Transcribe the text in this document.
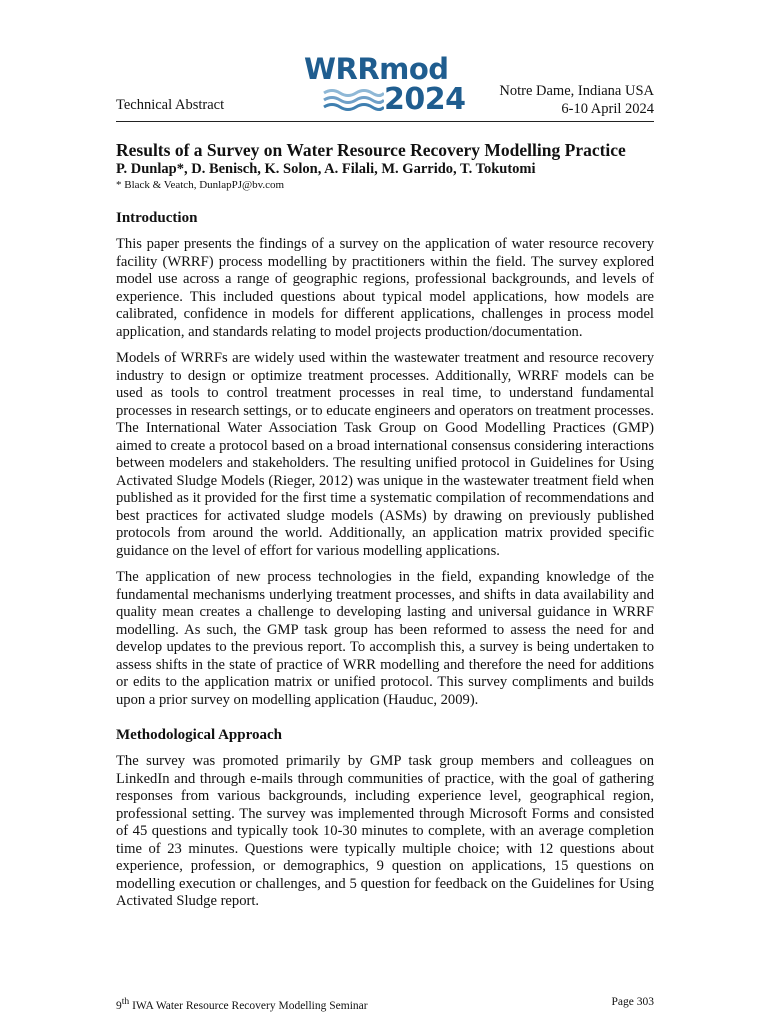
Technical Abstract
WRRmod
2024 Notre Dame, Indiana USA
6-10 April 2024
Results of a Survey on Water Resource Recovery Modelling Practice
P. Dunlap*, D. Benisch, K. Solon, A. Filali, M. Garrido, T. Tokutomi
* Black & Veatch, DunlapPJ@bv.com
Introduction

This paper presents the findings of a survey on the application of water resource recovery facility (WRRF) process modelling by practitioners within the field. The survey explored model use across a range of geographic regions, professional backgrounds, and levels of experience. This included questions about typical model applications, how models are calibrated, confidence in models for different applications, challenges in process model application, and standards relating to model projects production/documentation.

Models of WRRFs are widely used within the wastewater treatment and resource recovery industry to design or optimize treatment processes. Additionally, WRRF models can be used as tools to control treatment processes in real time, to understand fundamental processes in research settings, or to educate engineers and operators on treatment processes. The International Water Association Task Group on Good Modelling Practices (GMP) aimed to create a protocol based on a broad international consensus considering interactions between modelers and stakeholders. The resulting unified protocol in Guidelines for Using Activated Sludge Models (Rieger, 2012) was unique in the wastewater treatment field when published as it provided for the first time a systematic compilation of recommendations and best practices for activated sludge models (ASMs) by drawing on previously published protocols from around the world. Additionally, an application matrix provided specific guidance on the level of effort for various modelling applications.

The application of new process technologies in the field, expanding knowledge of the fundamental mechanisms underlying treatment processes, and shifts in data availability and quality mean creates a challenge to developing lasting and universal guidance in WRRF modelling. As such, the GMP task group has been reformed to assess the need for and develop updates to the previous report. To accomplish this, a survey is being undertaken to assess shifts in the state of practice of WRR modelling and therefore the need for additions or edits to the application matrix or unified protocol. This survey compliments and builds upon a prior survey on modelling application (Hauduc, 2009).

Methodological Approach

The survey was promoted primarily by GMP task group members and colleagues on LinkedIn and through e-mails through communities of practice, with the goal of gathering responses from various backgrounds, including experience level, geographical region, professional setting. The survey was implemented through Microsoft Forms and consisted of 45 questions and typically took 10-30 minutes to complete, with an average completion time of 23 minutes. Questions were typically multiple choice; with 12 questions about experience, profession, or demographics, 9 question on applications, 15 questions on modelling execution or challenges, and 5 question for feedback on the Guidelines for Using Activated Sludge report.

9th IWA Water Resource Recovery Modelling Seminar	Page 303
